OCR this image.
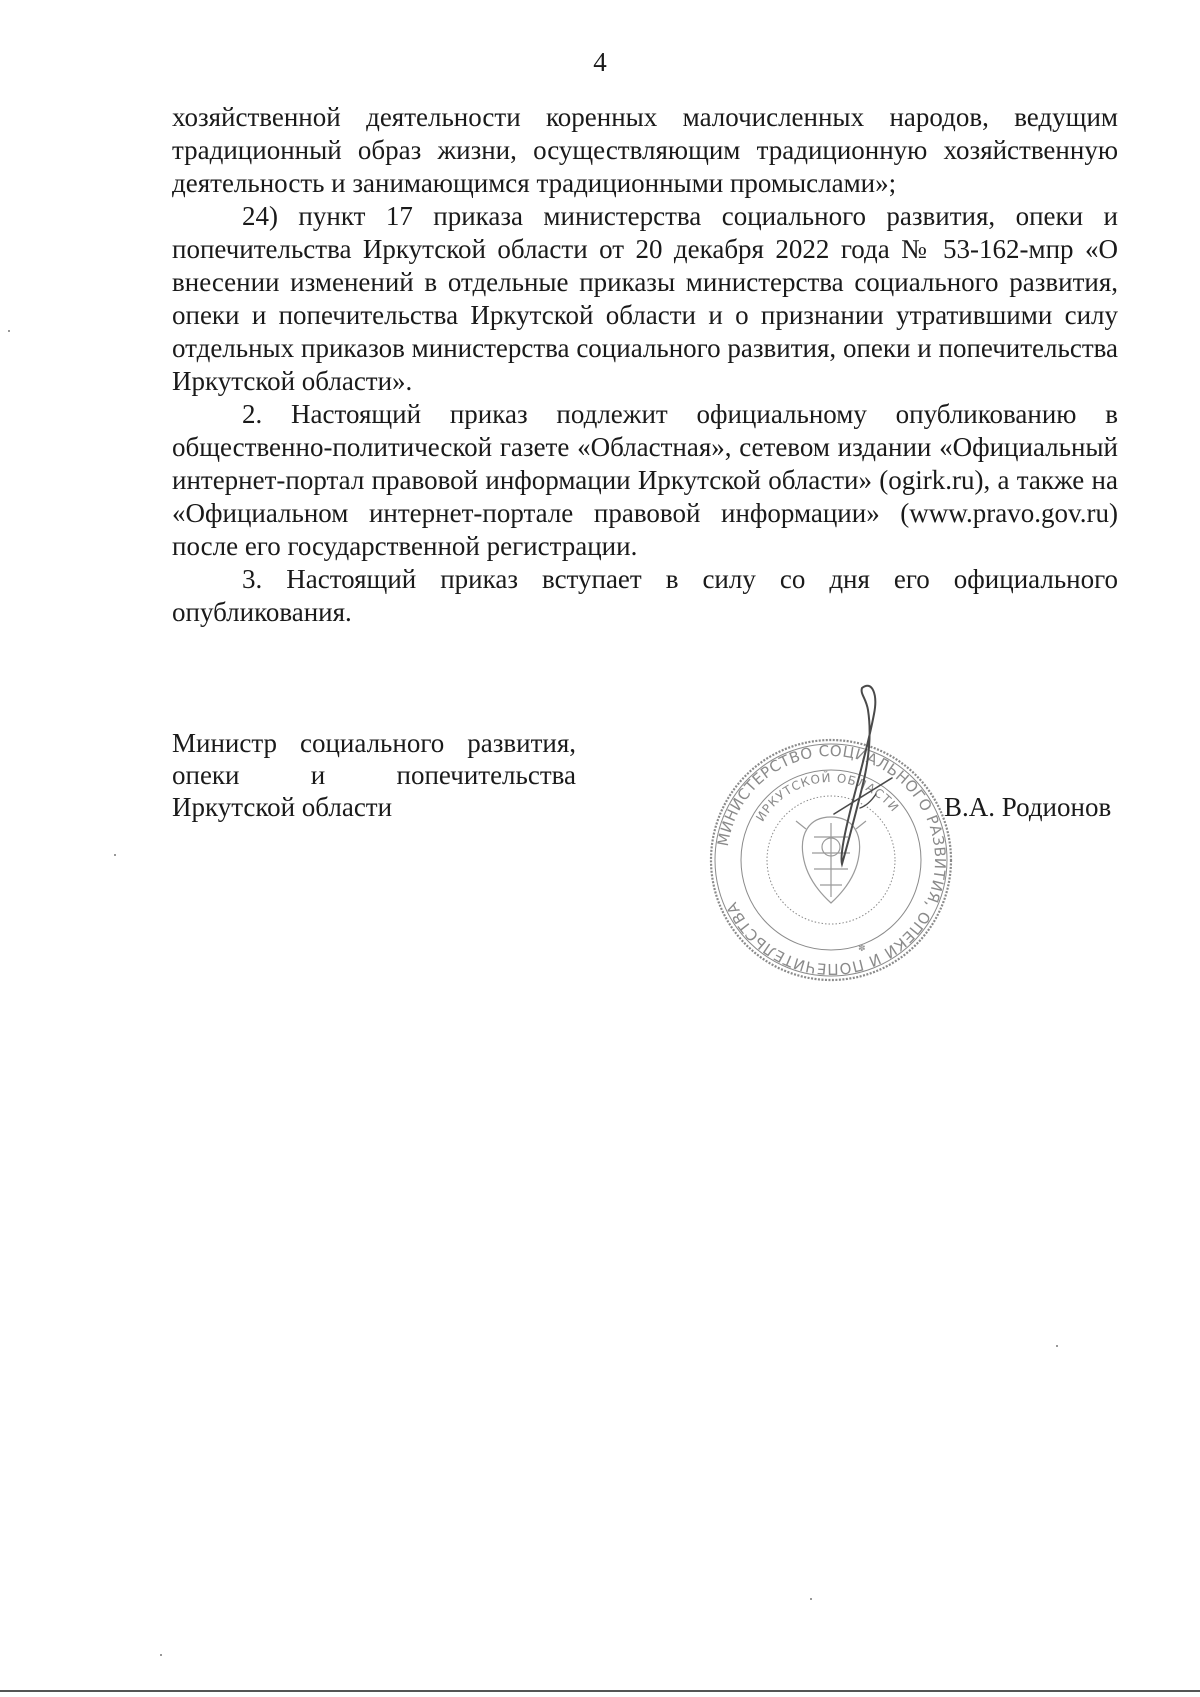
4

хозяйственной деятельности коренных малочисленных народов, ведущим традиционный образ жизни, осуществляющим традиционную хозяйственную деятельность и занимающимся традиционными промыслами»;

24) пункт 17 приказа министерства социального развития, опеки и попечительства Иркутской области от 20 декабря 2022 года № 53-162-мпр «О внесении изменений в отдельные приказы министерства социального развития, опеки и попечительства Иркутской области и о признании утратившими силу отдельных приказов министерства социального развития, опеки и попечительства Иркутской области».

2. Настоящий приказ подлежит официальному опубликованию в общественно-политической газете «Областная», сетевом издании «Официальный интернет-портал правовой информации Иркутской области» (ogirk.ru), а также на «Официальном интернет-портале правовой информации» (www.pravo.gov.ru) после его государственной регистрации.

3. Настоящий приказ вступает в силу со дня его официального опубликования.

Министр социального развития,
опеки и попечительства
Иркутской области
МИНИСТЕРСТВО СОЦИАЛЬНОГО РАЗВИТИЯ, ОПЕКИ И ПОПЕЧИТЕЛЬСТВА
ИРКУТСКОЙ ОБЛАСТИ
✽
В.А. Родионов
